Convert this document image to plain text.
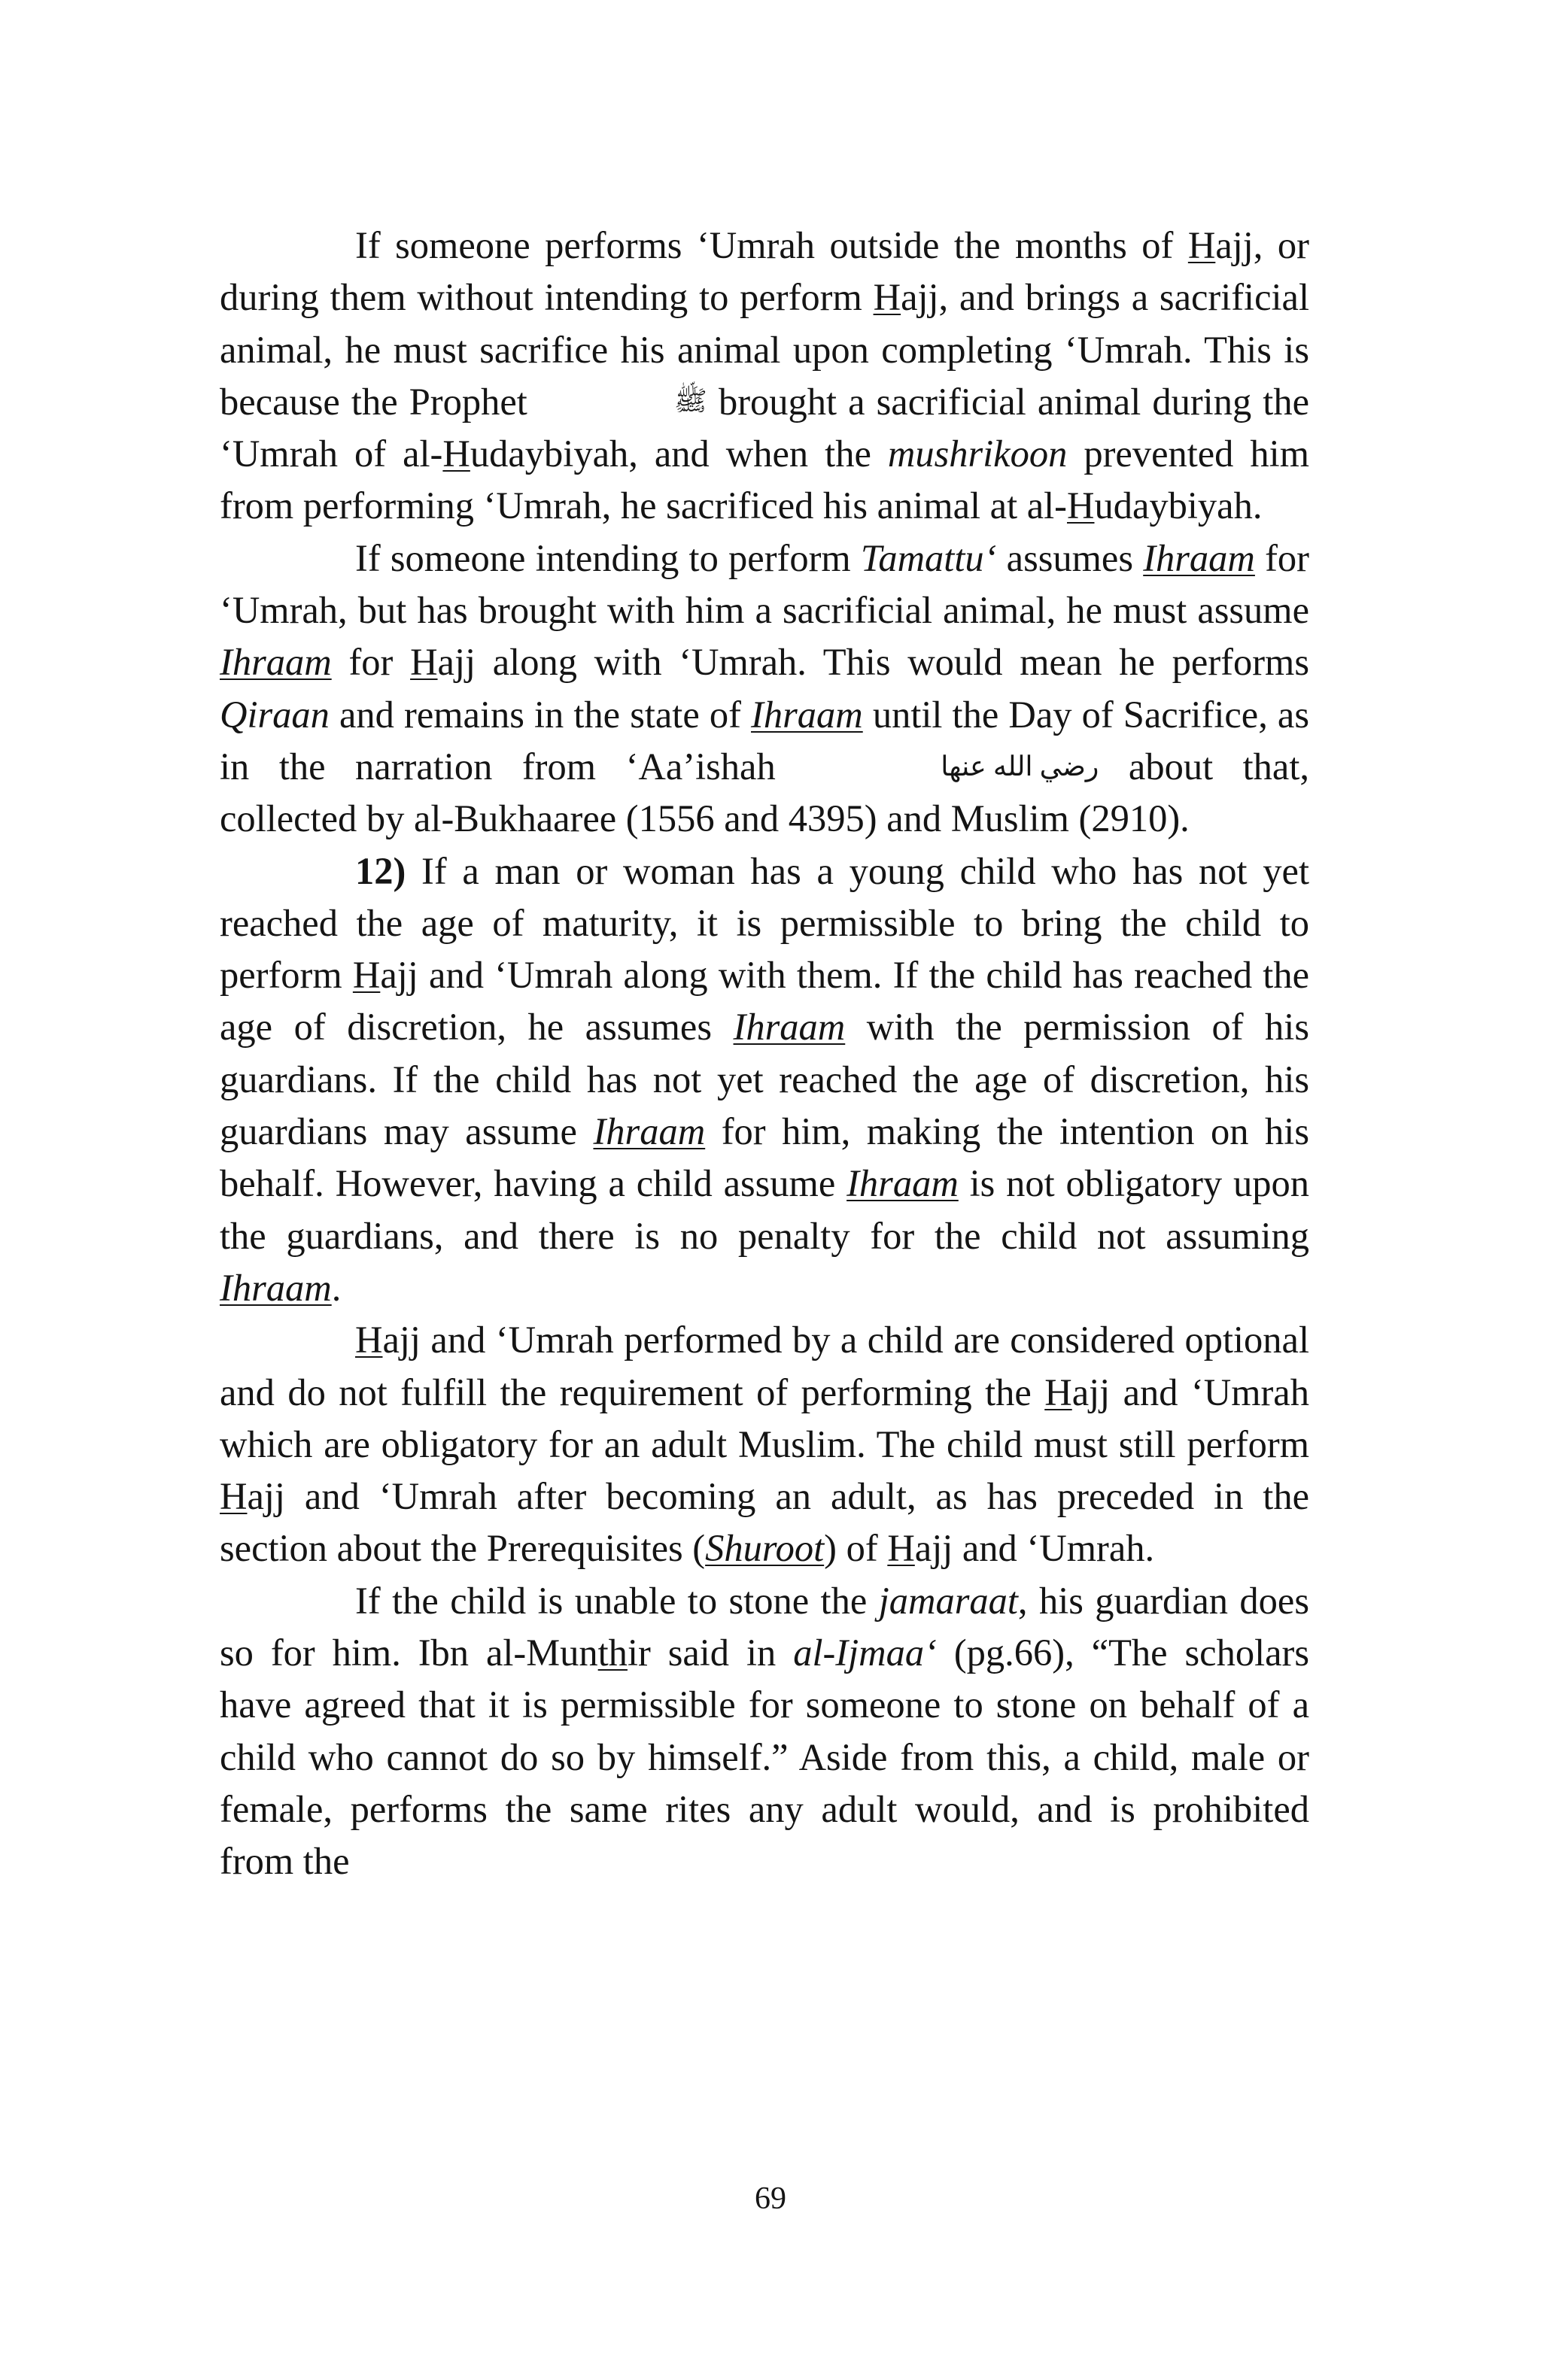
If someone performs ‘Umrah outside the months of Hajj, or during them without intending to perform Hajj, and brings a sacrificial animal, he must sacrifice his animal upon completing ‘Umrah. This is because the Prophet	ﷺ brought a sacrificial animal during the ‘Umrah of al-Hudaybiyah, and when the mushrikoon prevented him from performing ‘Umrah, he sacrificed his animal at al-Hudaybiyah.

If someone intending to perform Tamattu‘ assumes Ihraam for ‘Umrah, but has brought with him a sacrificial animal, he must assume Ihraam for Hajj along with ‘Umrah. This would mean he performs Qiraan and remains in the state of Ihraam until the Day of Sacrifice, as in the narration from ‘Aa’ishah	رضي الله عنها about that, collected by al-Bukhaaree (1556 and 4395) and Muslim (2910).

12) If a man or woman has a young child who has not yet reached the age of maturity, it is permissible to bring the child to perform Hajj and ‘Umrah along with them. If the child has reached the age of discretion, he assumes Ihraam with the permission of his guardians. If the child has not yet reached the age of discretion, his guardians may assume Ihraam for him, making the intention on his behalf. However, having a child assume Ihraam is not obligatory upon the guardians, and there is no penalty for the child not assuming Ihraam.

Hajj and ‘Umrah performed by a child are considered optional and do not fulfill the requirement of performing the Hajj and ‘Umrah which are obligatory for an adult Muslim. The child must still perform Hajj and ‘Umrah after becoming an adult, as has preceded in the section about the Prerequisites (Shuroot) of Hajj and ‘Umrah.

If the child is unable to stone the jamaraat, his guardian does so for him. Ibn al-Munthir said in al-Ijmaa‘ (pg.66), “The scholars have agreed that it is permissible for someone to stone on behalf of a child who cannot do so by himself.” Aside from this, a child, male or female, performs the same rites any adult would, and is prohibited from the

69
